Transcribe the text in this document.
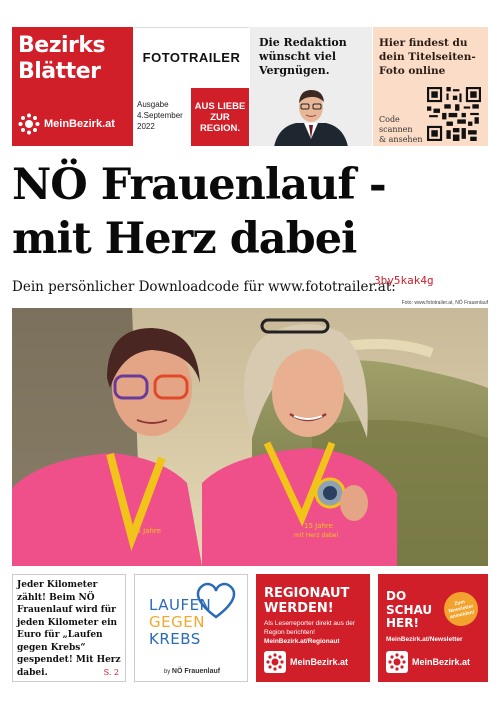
Bezirks
Blätter
MeinBezirk.at
FOTOTRAILER
Ausgabe
4.September
2022
AUS LIEBE ZUR REGION.
Die Redaktion wünscht viel Vergnügen.
Hier findest du dein Titelseiten-Foto online
Code
scannen
& ansehen
NÖ Frauenlauf -
mit Herz dabei
Dein persönlicher Downloadcode für www.fototrailer.at:
3by5kak4g
Foto: www.fototrailer.at, NÖ Frauenlauf
15 Jahre
15 Jahre
mit Herz dabei
Jeder Kilometer zählt! Beim NÖ Frauenlauf wird für jeden Kilometer ein Euro für „Laufen gegen Krebs“ gespendet! Mit Herz dabei.	S. 2
LAUFEN
GEGEN
KREBS
by NÖ Frauenlauf
REGIONAUT
WERDEN!
Als Leserreporter direkt aus der Region berichten!
MeinBezirk.at/Regionaut
MeinBezirk.at
DO
SCHAU
HER!
Zum Newsletter anmelden!
MeinBezirk.at/Newsletter
MeinBezirk.at
